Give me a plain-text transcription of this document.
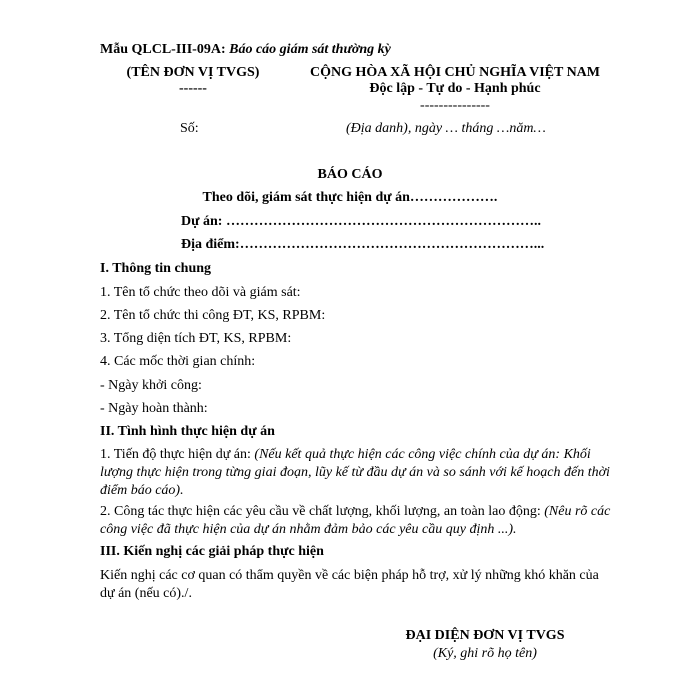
Mẫu QLCL-III-09A: Báo cáo giám sát thường kỳ
(TÊN ĐƠN VỊ TVGS)
------
CỘNG HÒA XÃ HỘI CHỦ NGHĨA VIỆT NAM
Độc lập - Tự do - Hạnh phúc
---------------
Số:	(Địa danh), ngày … tháng …năm…
BÁO CÁO
Theo dõi, giám sát thực hiện dự án……………….
Dự án: …………………………………………………………..
Địa điểm:………………………………………………………...
I. Thông tin chung
1. Tên tổ chức theo dõi và giám sát:
2. Tên tổ chức thi công ĐT, KS, RPBM:
3. Tổng diện tích ĐT, KS, RPBM:
4. Các mốc thời gian chính:
- Ngày khởi công:
- Ngày hoàn thành:
II. Tình hình thực hiện dự án
1. Tiến độ thực hiện dự án: (Nếu kết quả thực hiện các công việc chính của dự án: Khối lượng thực hiện trong từng giai đoạn, lũy kế từ đầu dự án và so sánh với kế hoạch đến thời điểm báo cáo).
2. Công tác thực hiện các yêu cầu về chất lượng, khối lượng, an toàn lao động: (Nêu rõ các công việc đã thực hiện của dự án nhằm đảm bảo các yêu cầu quy định ...).
III. Kiến nghị các giải pháp thực hiện
Kiến nghị các cơ quan có thẩm quyền về các biện pháp hỗ trợ, xử lý những khó khăn của dự án (nếu có)./.
ĐẠI DIỆN ĐƠN VỊ TVGS
(Ký, ghi rõ họ tên)
